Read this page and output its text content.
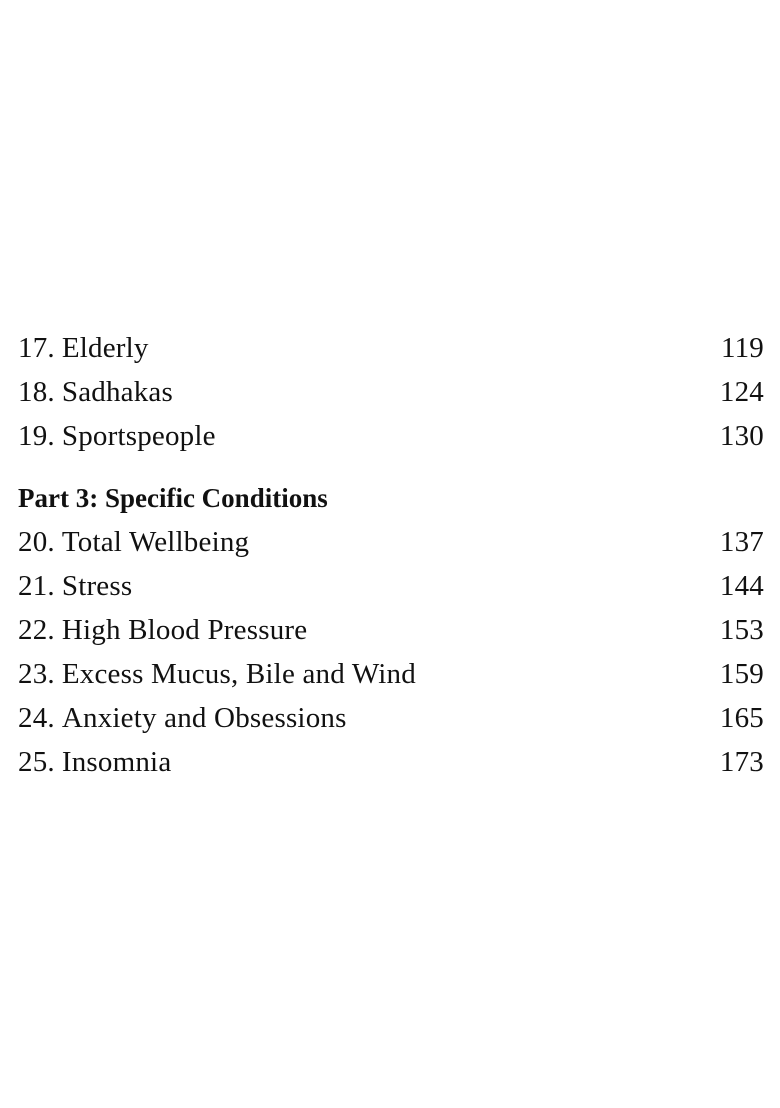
17. Elderly	119
18. Sadhakas	124
19. Sportspeople	130
Part 3: Specific Conditions
20. Total Wellbeing	137
21. Stress	144
22. High Blood Pressure	153
23. Excess Mucus, Bile and Wind	159
24. Anxiety and Obsessions	165
25. Insomnia	173
